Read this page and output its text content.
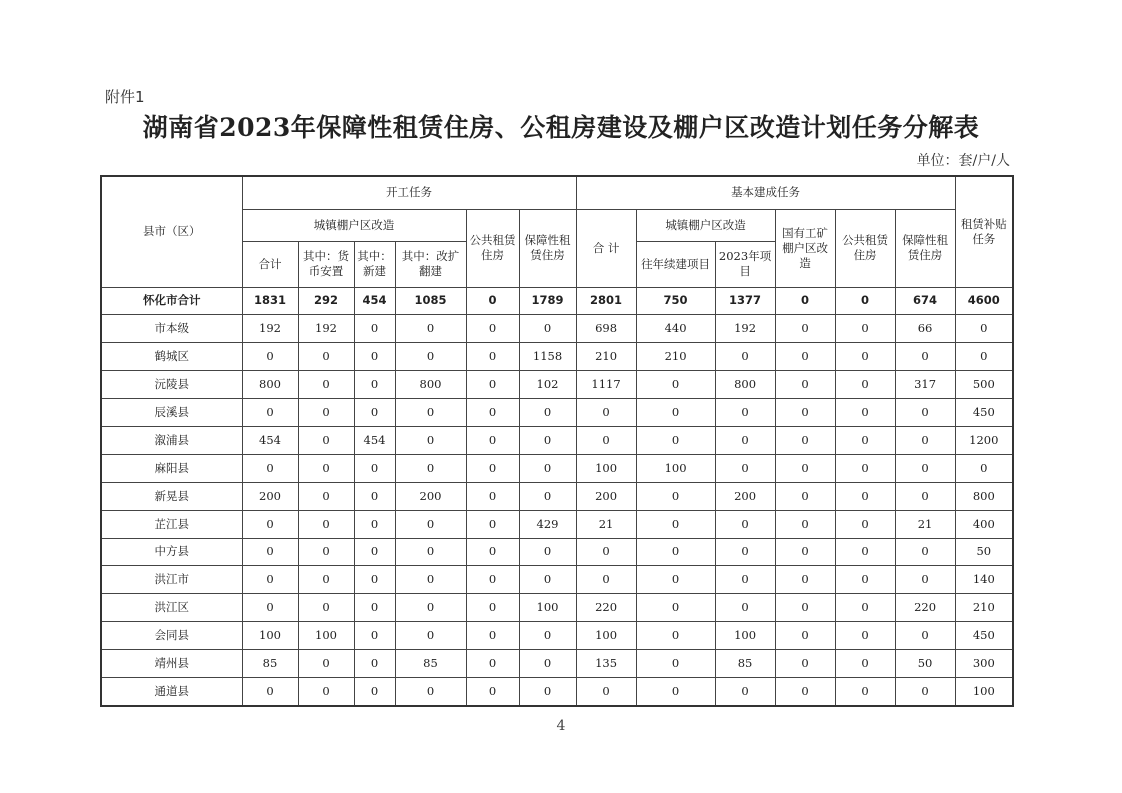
附件1
湖南省2023年保障性租赁住房、公租房建设及棚户区改造计划任务分解表
单位：套/户/人
县市（区）	开工任务						基本建成任务						租赁补贴任务
	城镇棚户区改造				公共租赁住房	保障性租赁住房	合 计	城镇棚户区改造		国有工矿棚户区改造	公共租赁住房	保障性租赁住房	
	合计	其中：货币安置	其中：新建	其中：改扩翻建				往年续建项目	2023年项目				
怀化市合计	1831	292	454	1085	0	1789	2801	750	1377	0	0	674	4600
市本级	192	192	0	0	0	0	698	440	192	0	0	66	0
鹤城区	0	0	0	0	0	1158	210	210	0	0	0	0	0
沅陵县	800	0	0	800	0	102	1117	0	800	0	0	317	500
辰溪县	0	0	0	0	0	0	0	0	0	0	0	0	450
溆浦县	454	0	454	0	0	0	0	0	0	0	0	0	1200
麻阳县	0	0	0	0	0	0	100	100	0	0	0	0	0
新晃县	200	0	0	200	0	0	200	0	200	0	0	0	800
芷江县	0	0	0	0	0	429	21	0	0	0	0	21	400
中方县	0	0	0	0	0	0	0	0	0	0	0	0	50
洪江市	0	0	0	0	0	0	0	0	0	0	0	0	140
洪江区	0	0	0	0	0	100	220	0	0	0	0	220	210
会同县	100	100	0	0	0	0	100	0	100	0	0	0	450
靖州县	85	0	0	85	0	0	135	0	85	0	0	50	300
通道县	0	0	0	0	0	0	0	0	0	0	0	0	100
4
